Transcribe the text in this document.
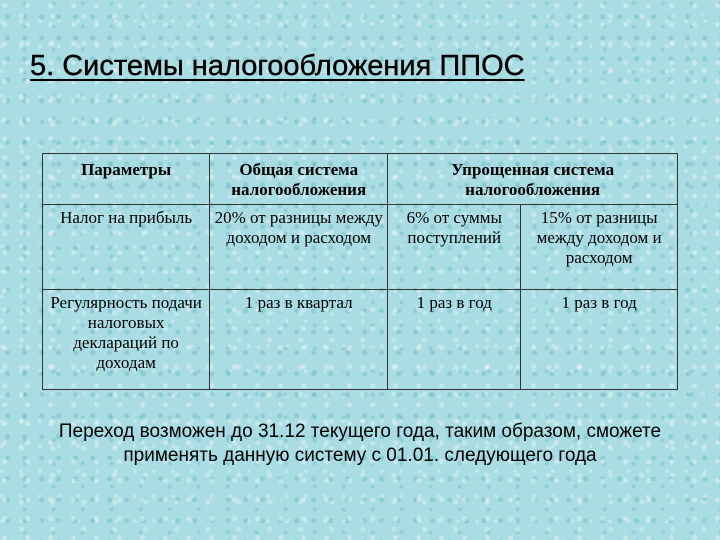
5. Системы налогообложения ППОС
Параметры	Общая система налогообложения	Упрощенная система налогообложения	
Налог на прибыль	20% от разницы между доходом и расходом	6% от суммы поступлений	15% от разницы между доходом и расходом
Регулярность подачи налоговых деклараций по доходам	1 раз в квартал	1 раз в год	1 раз в год
Переход возможен до 31.12 текущего года, таким образом, сможете применять данную систему с 01.01. следующего года
